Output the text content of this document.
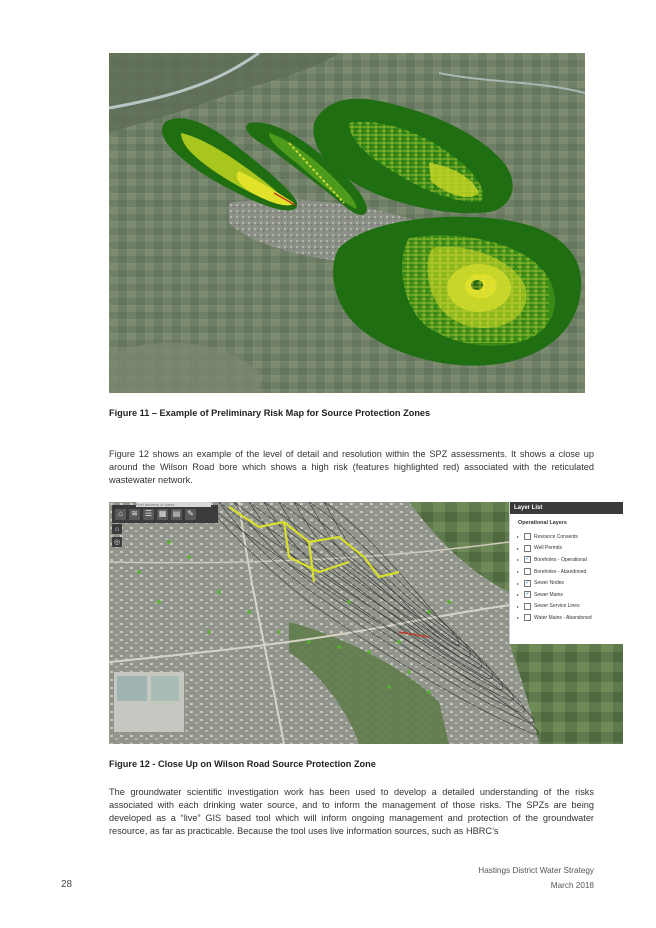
Figure 11 – Example of Preliminary Risk Map for Source Protection Zones

Figure 12 shows an example of the level of detail and resolution within the SPZ assessments. It shows a close up around the Wilson Road bore which shows a high risk (features highlighted red) associated with the reticulated wastewater network.

⌂	≋ ☰ ▦ ▤ ✎
Find address or place
⌂
◎
Layer List
Operational Layers
▸	Resource Consents
▸	Well Permits
▸	✓ Boreholes - Operational
▸	Boreholes - Abandoned
▸	✓ Sewer Nodes
▸	✓ Sewer Mains
▸	Sewer Service Lines
▸	Water Mains - Abandoned
Figure 12 - Close Up on Wilson Road Source Protection Zone

The groundwater scientific investigation work has been used to develop a detailed understanding of the risks associated with each drinking water source, and to inform the management of those risks. The SPZs are being developed as a “live” GIS based tool which will inform ongoing management and protection of the groundwater resource, as far as practicable. Because the tool uses live information sources, such as HBRC’s

Hastings District Water Strategy
March 2018
28
